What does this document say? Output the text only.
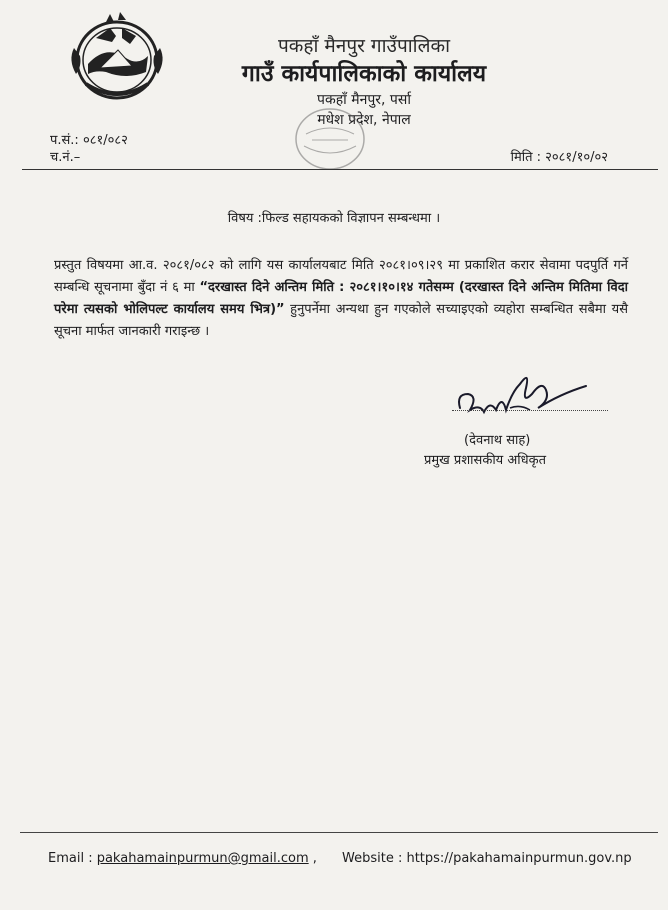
पकहाँ मैनपुर गाउँपालिका
गाउँ कार्यपालिकाको कार्यालय
पकहाँ मैनपुर, पर्सा
मधेश प्रदेश, नेपाल
प.सं.: ०८१/०८२
च.नं.–	मिति : २०८१/१०/०२
विषय :फिल्ड सहायकको विज्ञापन सम्बन्धमा ।
प्रस्तुत विषयमा आ.व. २०८१/०८२ को लागि यस कार्यालयबाट मिति २०८१।०९।२९ मा प्रकाशित करार सेवामा पदपुर्ति गर्ने सम्बन्धि सूचनामा बुँदा नं ६ मा “दरखास्त दिने अन्तिम मिति : २०८१।१०।१४ गतेसम्म (दरखास्त दिने अन्तिम मितिमा विदा परेमा त्यसको भोलिपल्ट कार्यालय समय भित्र)” हुनुपर्नेमा अन्यथा हुन गएकोले सच्याइएको व्यहोरा सम्बन्धित सबैमा यसै सूचना मार्फत जानकारी गराइन्छ ।
(देवनाथ साह)
प्रमुख प्रशासकीय अधिकृत
Email : pakahamainpurmun@gmail.com , Website : https://pakahamainpurmun.gov.np
